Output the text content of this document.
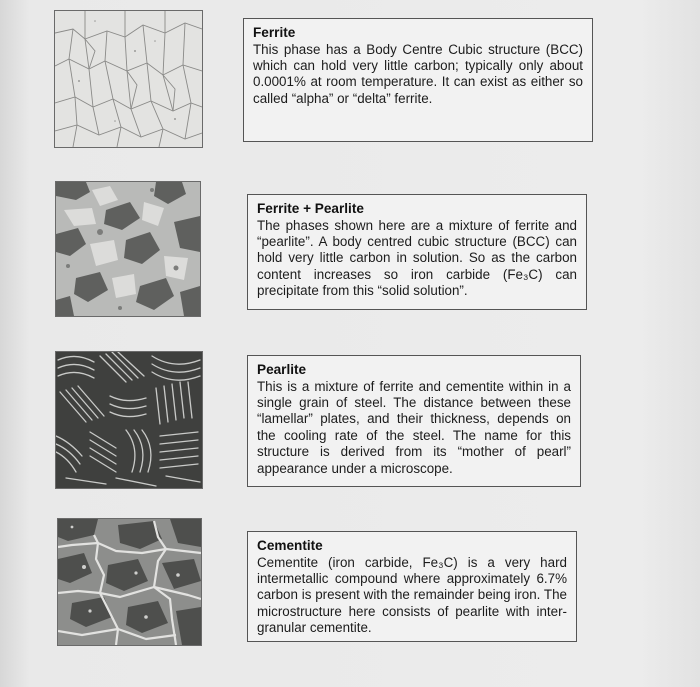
Ferrite

This phase has a Body Centre Cubic structure (BCC) which can hold very little carbon; typically only about 0.0001% at room temperature. It can exist as either so called “alpha” or “delta” ferrite.

Ferrite + Pearlite

The phases shown here are a mixture of ferrite and “pearlite”. A body centred cubic structure (BCC) can hold very little carbon in solution. So as the carbon content increases so iron carbide (Fe₃C) can precipitate from this “solid solution”.

Pearlite

This is a mixture of ferrite and cementite within in a single grain of steel. The distance between these “lamellar” plates, and their thickness, depends on the cooling rate of the steel. The name for this structure is derived from its “mother of pearl” appearance under a microscope.

Cementite

Cementite (iron carbide, Fe₃C) is a very hard intermetallic compound where approximately 6.7% carbon is present with the remainder being iron. The microstructure here consists of pearlite with inter-granular cementite.
